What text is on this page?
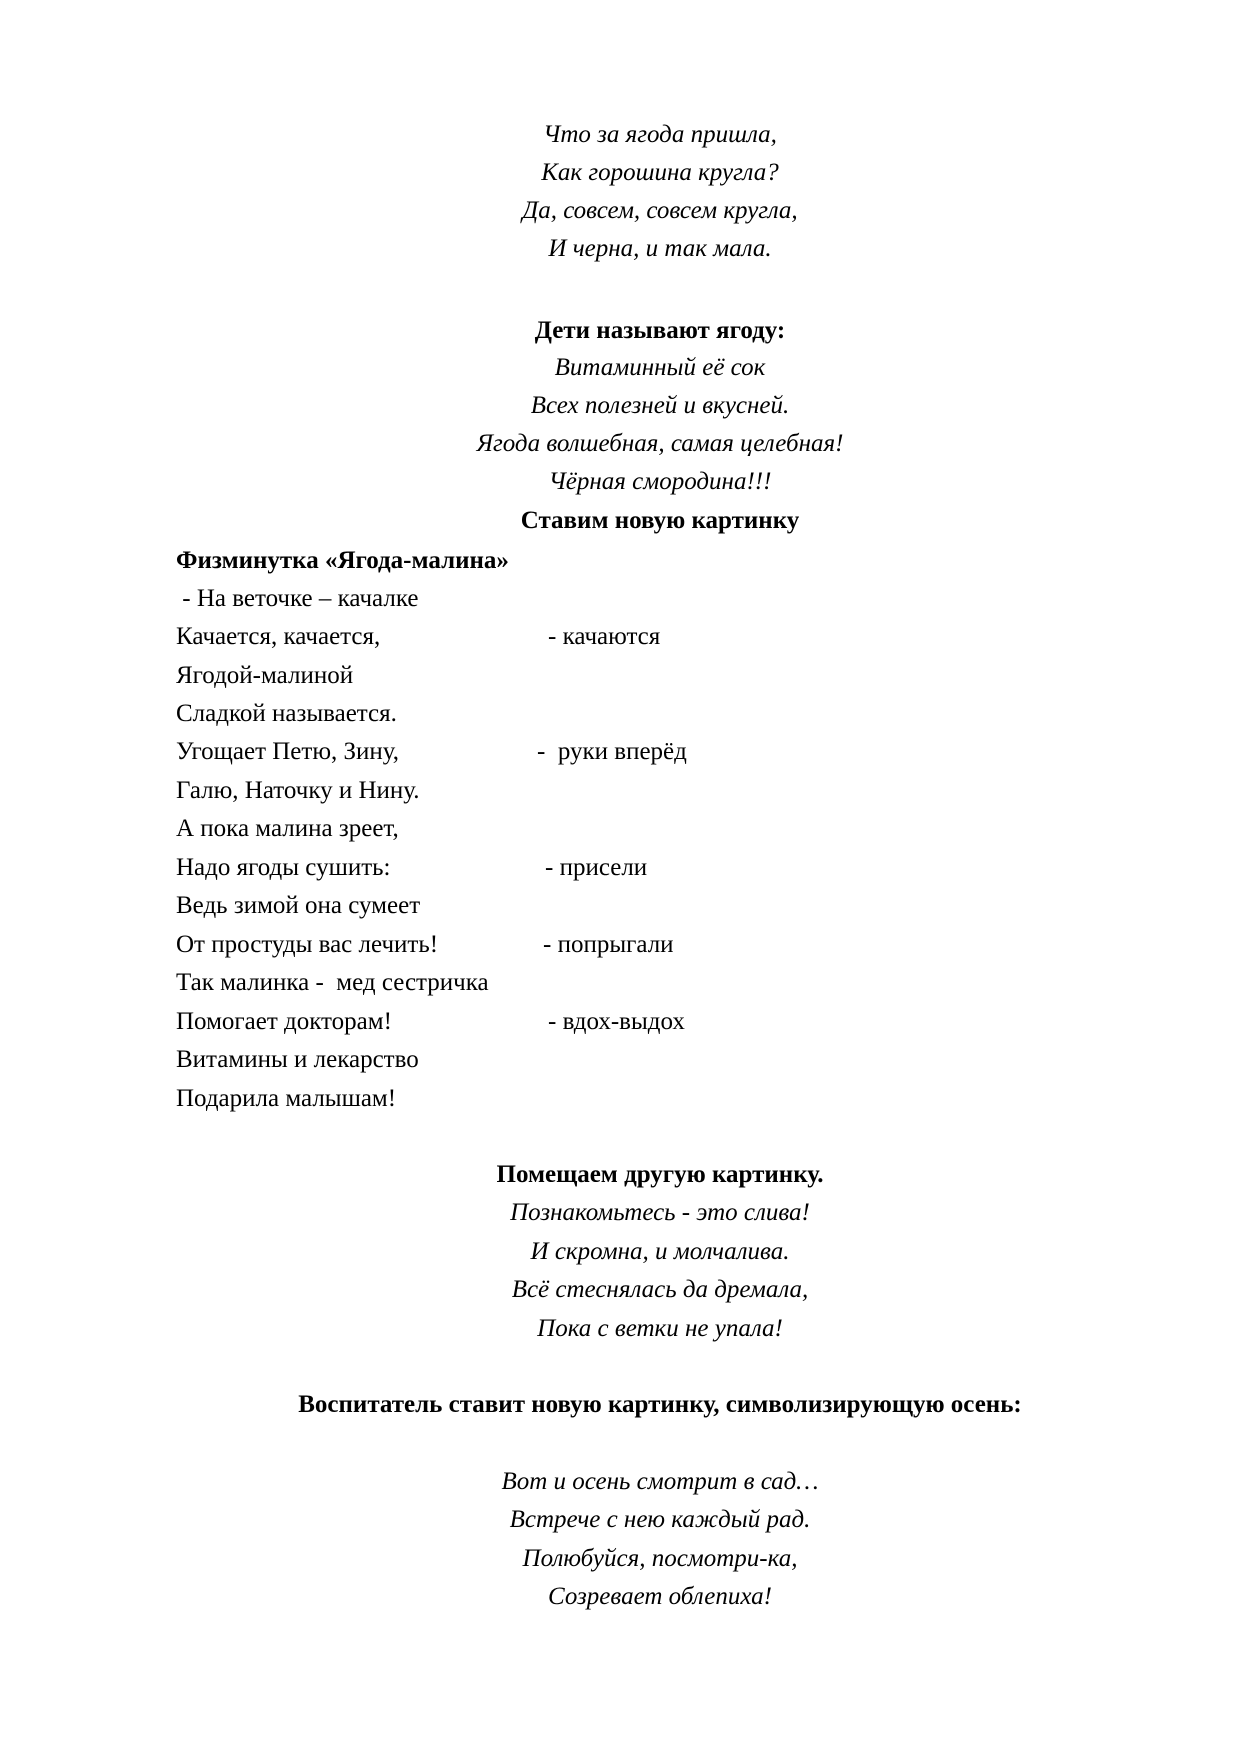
Что за ягода пришла,
Как горошина кругла?
Да, совсем, совсем кругла,
И черна, и так мала.
Дети называют ягоду:
Витаминный её сок
Всех полезней и вкусней.
Ягода волшебная, самая целебная!
Чёрная смородина!!!
Ставим новую картинку
Физминутка «Ягода-малина»
- На веточке – качалке
Качается, качается,	- качаются
Ягодой-малиной
Сладкой называется.
Угощает Петю, Зину,	-  руки вперёд
Галю, Наточку и Нину.
А пока малина зреет,
Надо ягоды сушить:	- присели
Ведь зимой она сумеет
От простуды вас лечить!	- попрыгали
Так малинка -  мед сестричка
Помогает докторам!	- вдох-выдох
Витамины и лекарство
Подарила малышам!
Помещаем другую картинку.
Познакомьтесь - это слива!
И скромна, и молчалива.
Всё стеснялась да дремала,
Пока с ветки не упала!
Воспитатель ставит новую картинку, символизирующую осень:
Вот и осень смотрит в сад…
Встрече с нею каждый рад.
Полюбуйся, посмотри-ка,
Созревает облепиха!
